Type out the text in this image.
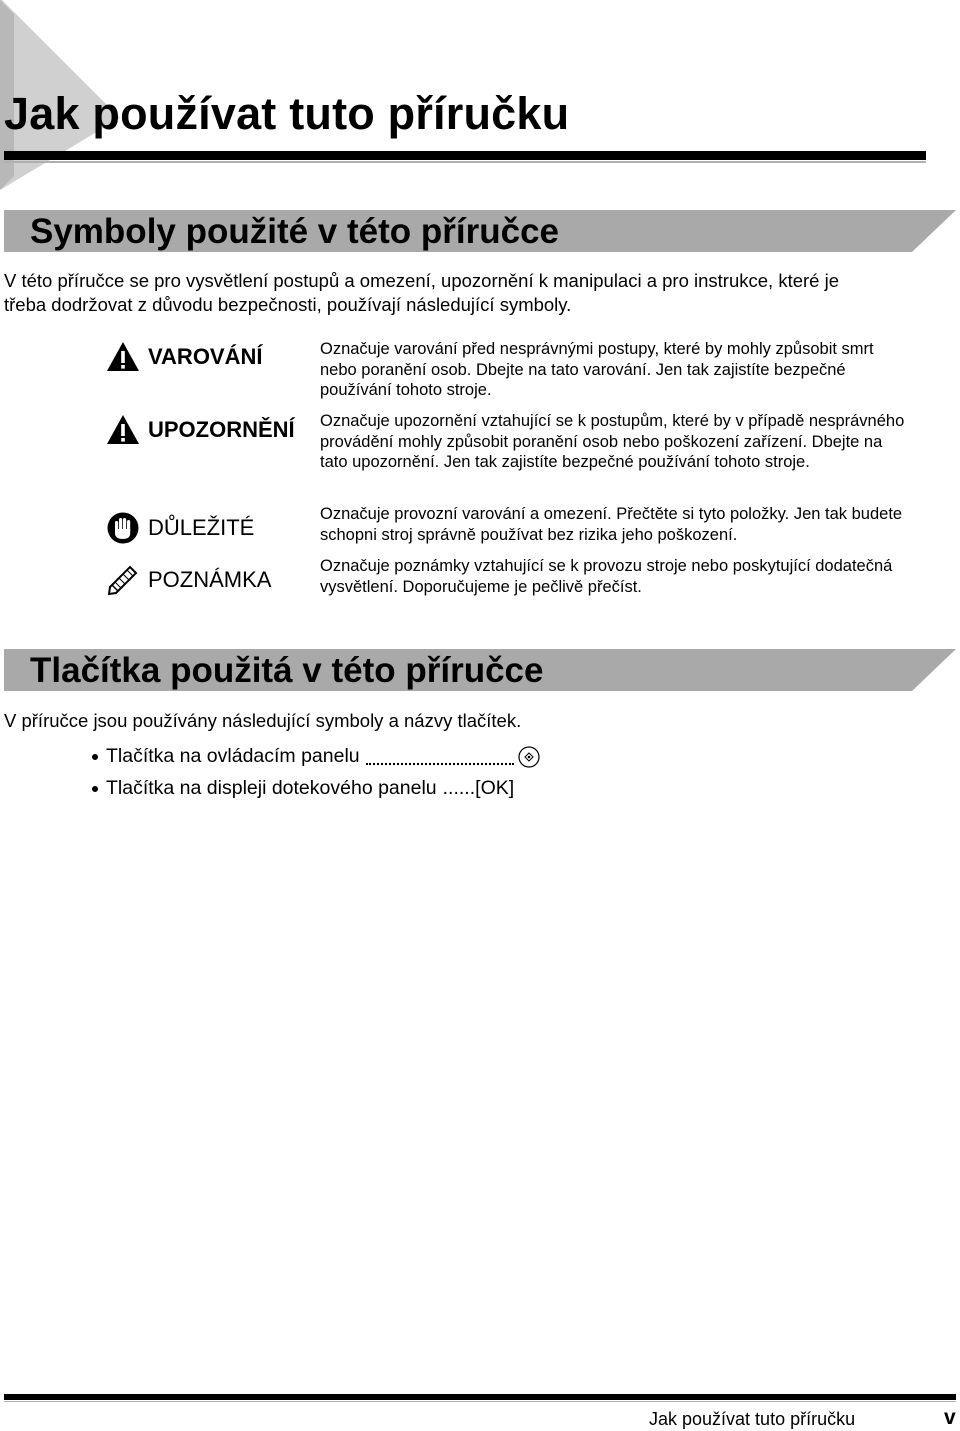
Jak používat tuto příručku
Symboly použité v této příručce

V této příručce se pro vysvětlení postupů a omezení, upozornění k manipulaci a pro instrukce, které je
třeba dodržovat z důvodu bezpečnosti, používají následující symboly.

VAROVÁNÍ	Označuje varování před nesprávnými postupy, které by mohly způsobit smrt nebo poranění osob. Dbejte na tato varování. Jen tak zajistíte bezpečné používání tohoto stroje.

UPOZORNĚNÍ Označuje upozornění vztahující se k postupům, které by v případě nesprávného provádění mohly způsobit poranění osob nebo poškození zařízení. Dbejte na tato upozornění. Jen tak zajistíte bezpečné používání tohoto stroje.

DŮLEŽITÉ

Označuje provozní varování a omezení. Přečtěte si tyto položky. Jen tak budete schopni stroj správně používat bez rizika jeho poškození.

POZNÁMKA

Označuje poznámky vztahující se k provozu stroje nebo poskytující dodatečná vysvětlení. Doporučujeme je pečlivě přečíst.

Tlačítka použitá v této příručce

V příručce jsou používány následující symboly a názvy tlačítek.

Tlačítka na ovládacím panelu
Tlačítka na displeji dotekového panelu ...... [OK]
Jak používat tuto příručku	v
